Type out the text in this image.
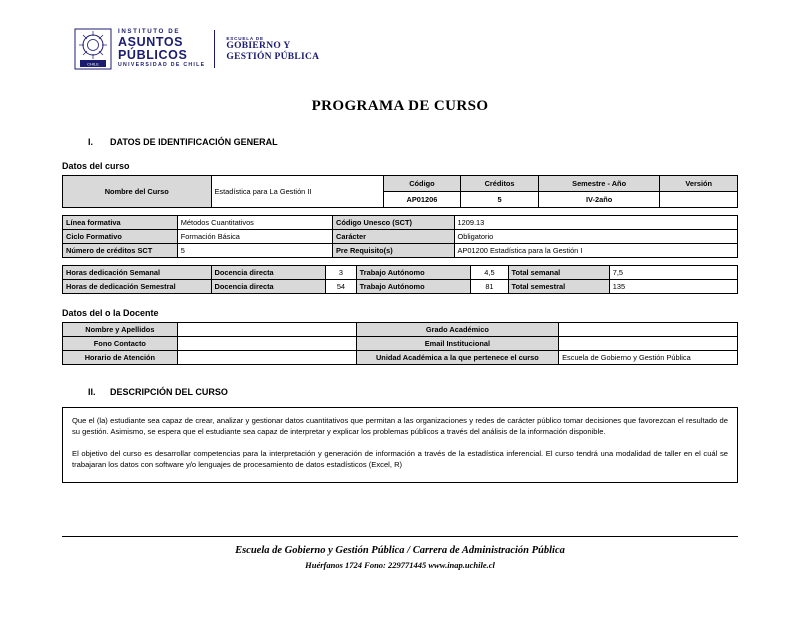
CHILE
INSTITUTO DE
ASUNTOS
PÚBLICOS
UNIVERSIDAD DE CHILE
ESCUELA DE
GOBIERNO Y
GESTIÓN PÚBLICA
PROGRAMA DE CURSO
I.	DATOS DE IDENTIFICACIÓN GENERAL
Datos del curso
Nombre del Curso	Estadística para La Gestión II	Código	Créditos	Semestre - Año	Versión
		AP01206	5	IV-2año	
Línea formativa	Métodos Cuantitativos	Código Unesco (SCT)	1209.13
Ciclo Formativo	Formación Básica	Carácter	Obligatorio
Número de créditos SCT	5	Pre Requisito(s)	AP01200 Estadística para la Gestión I
Horas dedicación Semanal	Docencia directa	3	Trabajo Autónomo	4,5	Total semanal	7,5
Horas de dedicación Semestral	Docencia directa	54	Trabajo Autónomo	81	Total semestral	135
Datos del o la Docente
Nombre y Apellidos		Grado Académico	
Fono Contacto		Email Institucional	
Horario de Atención		Unidad Académica a la que pertenece el curso	Escuela de Gobierno y Gestión Pública
II.	DESCRIPCIÓN DEL CURSO

Que el (la) estudiante sea capaz de crear, analizar y gestionar datos cuantitativos que permitan a las organizaciones y redes de carácter público tomar decisiones que favorezcan el resultado de su gestión. Asimismo, se espera que el estudiante sea capaz de interpretar y explicar los problemas públicos a través del análisis de la información disponible.

El objetivo del curso es desarrollar competencias para la interpretación y generación de información a través de la estadística inferencial. El curso tendrá una modalidad de taller en el cuál se trabajaran los datos con software y/o lenguajes de procesamiento de datos estadísticos (Excel, R)

Escuela de Gobierno y Gestión Pública / Carrera de Administración Pública
Huérfanos 1724 Fono: 229771445 www.inap.uchile.cl
